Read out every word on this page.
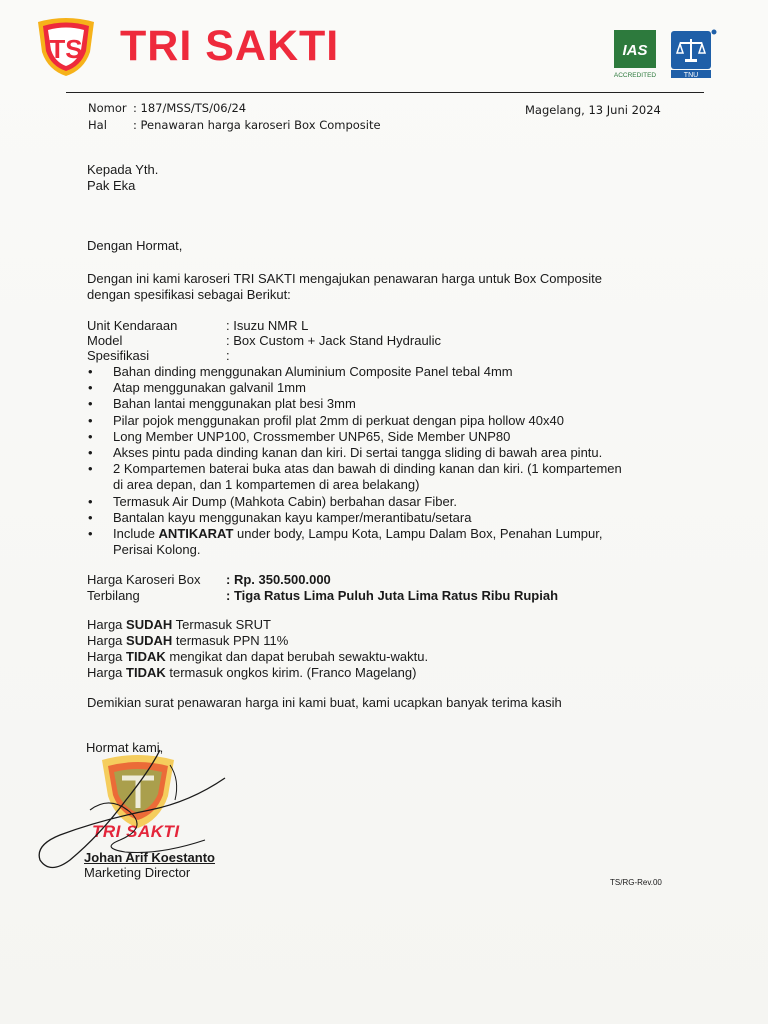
TS TRI SAKTI	IAS
ACCREDITED	TNU
Nomor : 187/MSS/TS/06/24
Hal : Penawaran harga karoseri Box Composite
Magelang, 13 Juni 2024
Kepada Yth.
Pak Eka
Dengan Hormat,
Dengan ini kami karoseri TRI SAKTI mengajukan penawaran harga untuk Box Composite
dengan spesifikasi sebagai Berikut:
Unit Kendaraan	: Isuzu NMR L
Model	: Box Custom + Jack Stand Hydraulic
Spesifikasi	:
• Bahan dinding menggunakan Aluminium Composite Panel tebal 4mm
• Atap menggunakan galvanil 1mm
• Bahan lantai menggunakan plat besi 3mm
• Pilar pojok menggunakan profil plat 2mm di perkuat dengan pipa hollow 40x40
• Long Member UNP100, Crossmember UNP65, Side Member UNP80
• Akses pintu pada dinding kanan dan kiri. Di sertai tangga sliding di bawah area pintu.
• 2 Kompartemen baterai buka atas dan bawah di dinding kanan dan kiri. (1 kompartemen
di area depan, dan 1 kompartemen di area belakang)
• Termasuk Air Dump (Mahkota Cabin) berbahan dasar Fiber.
• Bantalan kayu menggunakan kayu kamper/merantibatu/setara
• Include ANTIKARAT under body, Lampu Kota, Lampu Dalam Box, Penahan Lumpur,
Perisai Kolong.
Harga Karoseri Box : Rp. 350.500.000
Terbilang	: Tiga Ratus Lima Puluh Juta Lima Ratus Ribu Rupiah
Harga SUDAH Termasuk SRUT
Harga SUDAH termasuk PPN 11%
Harga TIDAK mengikat dan dapat berubah sewaktu-waktu.
Harga TIDAK termasuk ongkos kirim. (Franco Magelang)
Demikian surat penawaran harga ini kami buat, kami ucapkan banyak terima kasih
Hormat kami,
TRI SAKTI
Johan Arif Koestanto
Marketing Director
TS/RG-Rev.00
